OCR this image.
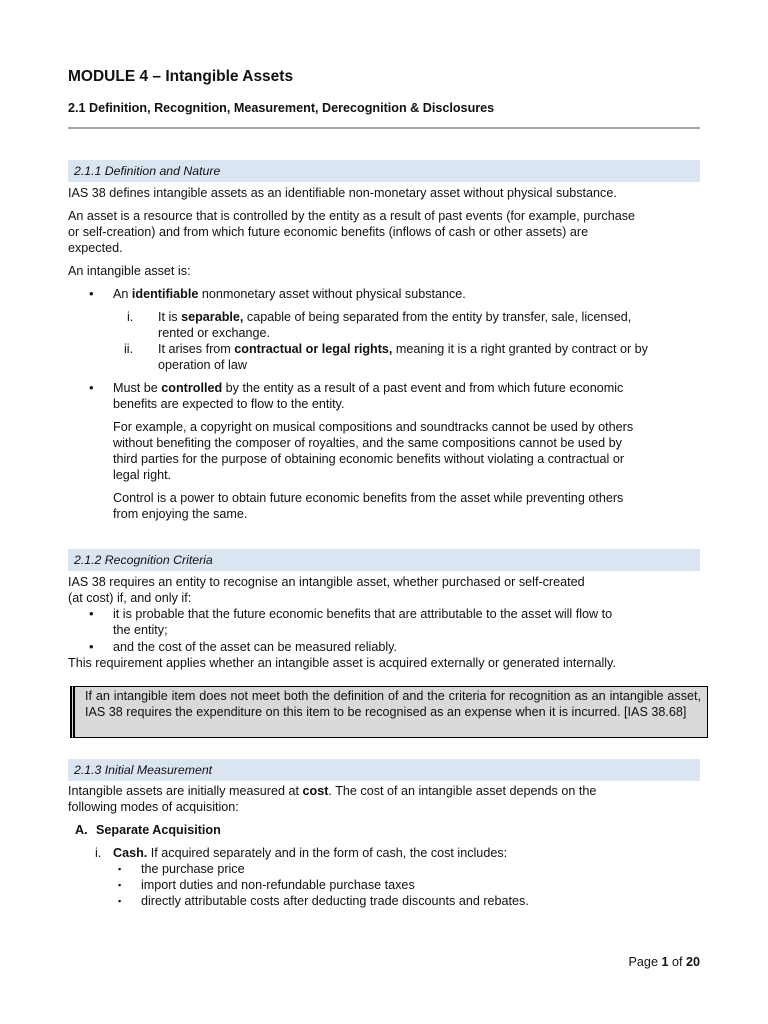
MODULE 4 – Intangible Assets
2.1 Definition, Recognition, Measurement, Derecognition & Disclosures
2.1.1 Definition and Nature
IAS 38 defines intangible assets as an identifiable non-monetary asset without physical substance.
An asset is a resource that is controlled by the entity as a result of past events (for example, purchase
or self-creation) and from which future economic benefits (inflows of cash or other assets) are
expected.
An intangible asset is:
• An identifiable nonmonetary asset without physical substance.
i. It is separable, capable of being separated from the entity by transfer, sale, licensed,
rented or exchange.
ii. It arises from contractual or legal rights, meaning it is a right granted by contract or by
operation of law
• Must be controlled by the entity as a result of a past event and from which future economic
benefits are expected to flow to the entity.
For example, a copyright on musical compositions and soundtracks cannot be used by others
without benefiting the composer of royalties, and the same compositions cannot be used by
third parties for the purpose of obtaining economic benefits without violating a contractual or
legal right.
Control is a power to obtain future economic benefits from the asset while preventing others
from enjoying the same.
2.1.2 Recognition Criteria
IAS 38 requires an entity to recognise an intangible asset, whether purchased or self-created
(at cost) if, and only if:
• it is probable that the future economic benefits that are attributable to the asset will flow to
the entity;
• and the cost of the asset can be measured reliably.
This requirement applies whether an intangible asset is acquired externally or generated internally.
If an intangible item does not meet both the definition of and the criteria for recognition as an intangible asset, IAS 38 requires the expenditure on this item to be recognised as an expense when it is incurred. [IAS 38.68]
2.1.3 Initial Measurement
Intangible assets are initially measured at cost. The cost of an intangible asset depends on the
following modes of acquisition:
A. Separate Acquisition
i. Cash. If acquired separately and in the form of cash, the cost includes:
▪ the purchase price
▪ import duties and non-refundable purchase taxes
▪ directly attributable costs after deducting trade discounts and rebates.
Page 1 of 20
